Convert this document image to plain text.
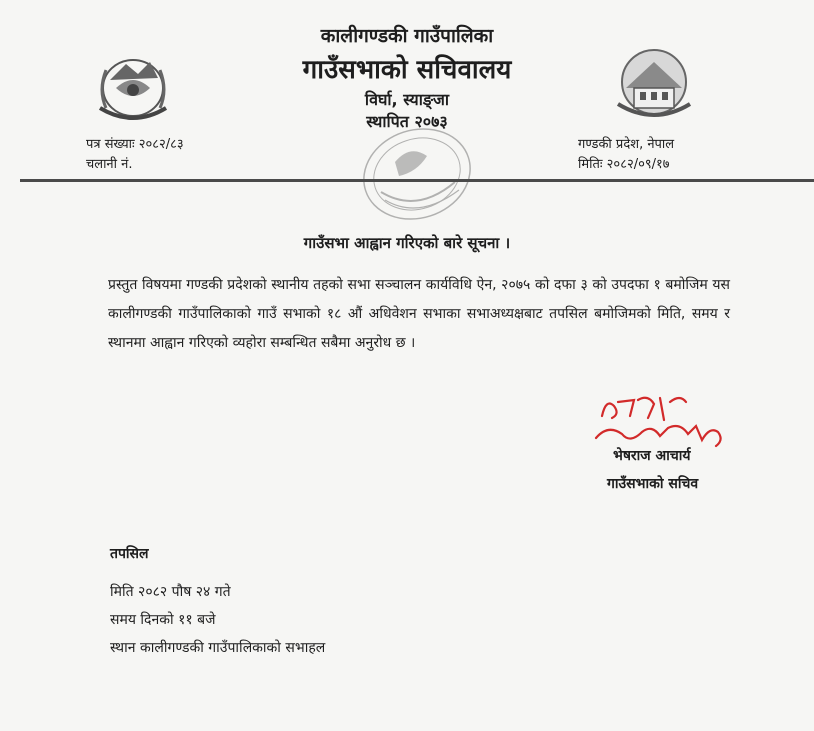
कालीगण्डकी गाउँपालिका
गाउँसभाको सचिवालय
विर्घा, स्याङ्जा
स्थापित २०७३
पत्र संख्याः २०८२/८३
चलानी नं.
गण्डकी प्रदेश, नेपाल
मितिः २०८२/०९/१७
गाउँसभा आह्वान गरिएको बारे सूचना ।
प्रस्तुत विषयमा गण्डकी प्रदेशको स्थानीय तहको सभा सञ्चालन कार्यविधि ऐन, २०७५ को दफा ३ को उपदफा १ बमोजिम यस कालीगण्डकी गाउँपालिकाको गाउँ सभाको १८ औं अधिवेशन सभाका सभाअध्यक्षबाट तपसिल बमोजिमको मिति, समय र स्थानमा आह्वान गरिएको व्यहोरा सम्बन्धित सबैमा अनुरोध छ ।
भेषराज आचार्य
गाउँसभाको सचिव
तपसिल
मिति २०८२ पौष २४ गते
समय दिनको ११ बजे
स्थान कालीगण्डकी गाउँपालिकाको सभाहल
